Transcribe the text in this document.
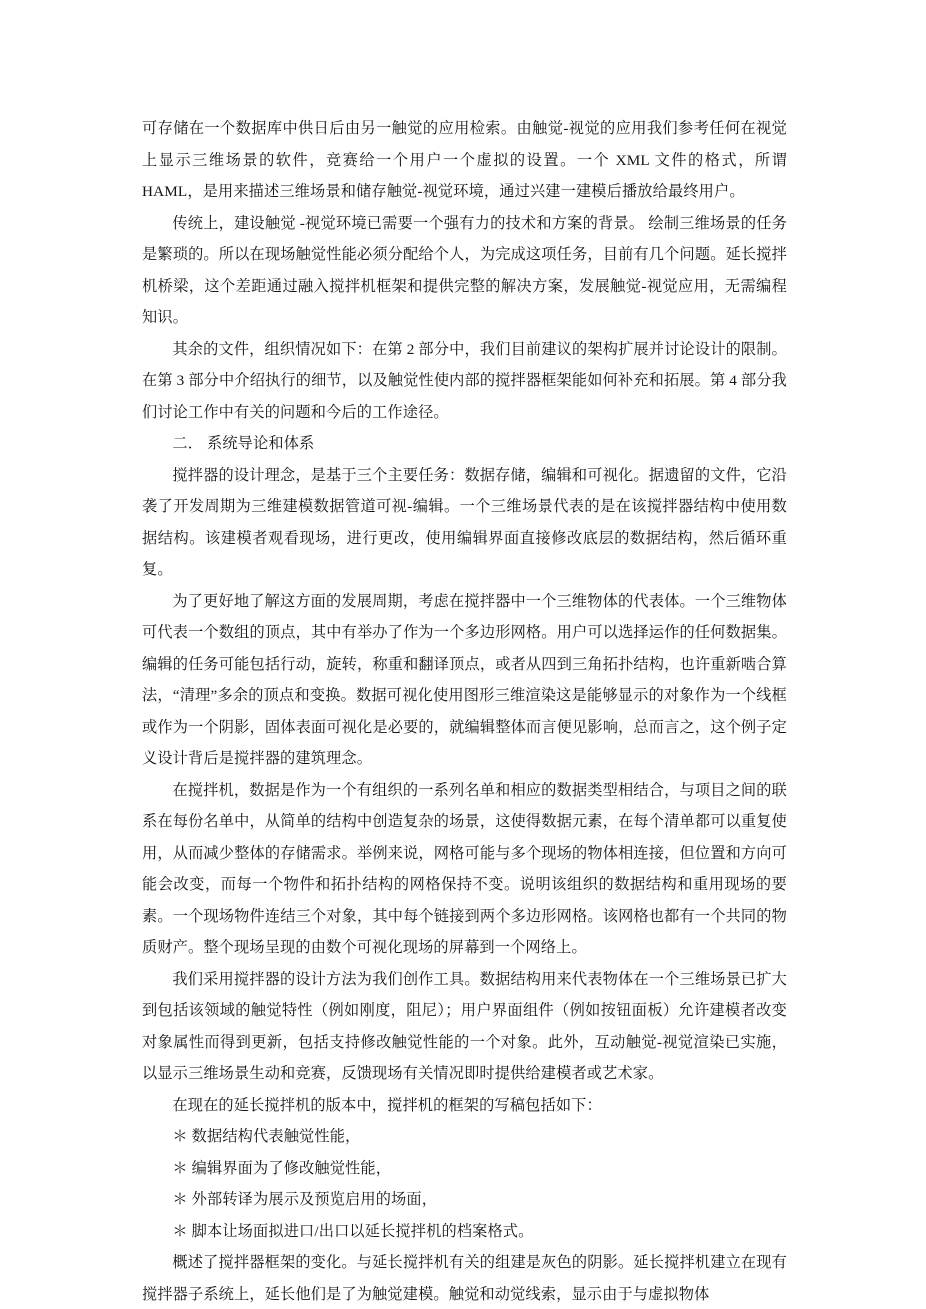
可存储在一个数据库中供日后由另一触觉的应用检索。由触觉-视觉的应用我们参考任何在视觉上显示三维场景的软件，竞赛给一个用户一个虚拟的设置。一个 XML 文件的格式，所谓 HAML，是用来描述三维场景和储存触觉-视觉环境，通过兴建一建模后播放给最终用户。

传统上，建设触觉 -视觉环境已需要一个强有力的技术和方案的背景。 绘制三维场景的任务是繁琐的。所以在现场触觉性能必须分配给个人，为完成这项任务，目前有几个问题。延长搅拌机桥梁，这个差距通过融入搅拌机框架和提供完整的解决方案，发展触觉-视觉应用，无需编程知识。

其余的文件，组织情况如下：在第 2 部分中，我们目前建议的架构扩展并讨论设计的限制。在第 3 部分中介绍执行的细节，以及触觉性使内部的搅拌器框架能如何补充和拓展。第 4 部分我们讨论工作中有关的问题和今后的工作途径。

二． 系统导论和体系

搅拌器的设计理念，是基于三个主要任务：数据存储，编辑和可视化。据遗留的文件，它沿袭了开发周期为三维建模数据管道可视-编辑。一个三维场景代表的是在该搅拌器结构中使用数据结构。该建模者观看现场，进行更改，使用编辑界面直接修改底层的数据结构，然后循环重复。

为了更好地了解这方面的发展周期，考虑在搅拌器中一个三维物体的代表体。一个三维物体可代表一个数组的顶点，其中有举办了作为一个多边形网格。用户可以选择运作的任何数据集。编辑的任务可能包括行动，旋转，称重和翻译顶点，或者从四到三角拓扑结构，也许重新啮合算法，“清理”多余的顶点和变换。数据可视化使用图形三维渲染这是能够显示的对象作为一个线框或作为一个阴影，固体表面可视化是必要的，就编辑整体而言便见影响，总而言之，这个例子定义设计背后是搅拌器的建筑理念。

在搅拌机，数据是作为一个有组织的一系列名单和相应的数据类型相结合，与项目之间的联系在每份名单中，从简单的结构中创造复杂的场景，这使得数据元素，在每个清单都可以重复使用，从而减少整体的存储需求。举例来说，网格可能与多个现场的物体相连接，但位置和方向可能会改变，而每一个物件和拓扑结构的网格保持不变。说明该组织的数据结构和重用现场的要素。一个现场物件连结三个对象，其中每个链接到两个多边形网格。该网格也都有一个共同的物质财产。整个现场呈现的由数个可视化现场的屏幕到一个网络上。

我们采用搅拌器的设计方法为我们创作工具。数据结构用来代表物体在一个三维场景已扩大到包括该领域的触觉特性（例如刚度，阻尼）；用户界面组件（例如按钮面板）允许建模者改变对象属性而得到更新，包括支持修改触觉性能的一个对象。此外，互动触觉-视觉渲染已实施，以显示三维场景生动和竞赛，反馈现场有关情况即时提供给建模者或艺术家。

在现在的延长搅拌机的版本中，搅拌机的框架的写稿包括如下：

＊ 数据结构代表触觉性能，

＊ 编辑界面为了修改触觉性能，

＊ 外部转译为展示及预览启用的场面，

＊ 脚本让场面拟进口/出口以延长搅拌机的档案格式。

概述了搅拌器框架的变化。与延长搅拌机有关的组建是灰色的阴影。延长搅拌机建立在现有搅拌器子系统上，延长他们是了为触觉建模。触觉和动觉线索，显示由于与虚拟物体
